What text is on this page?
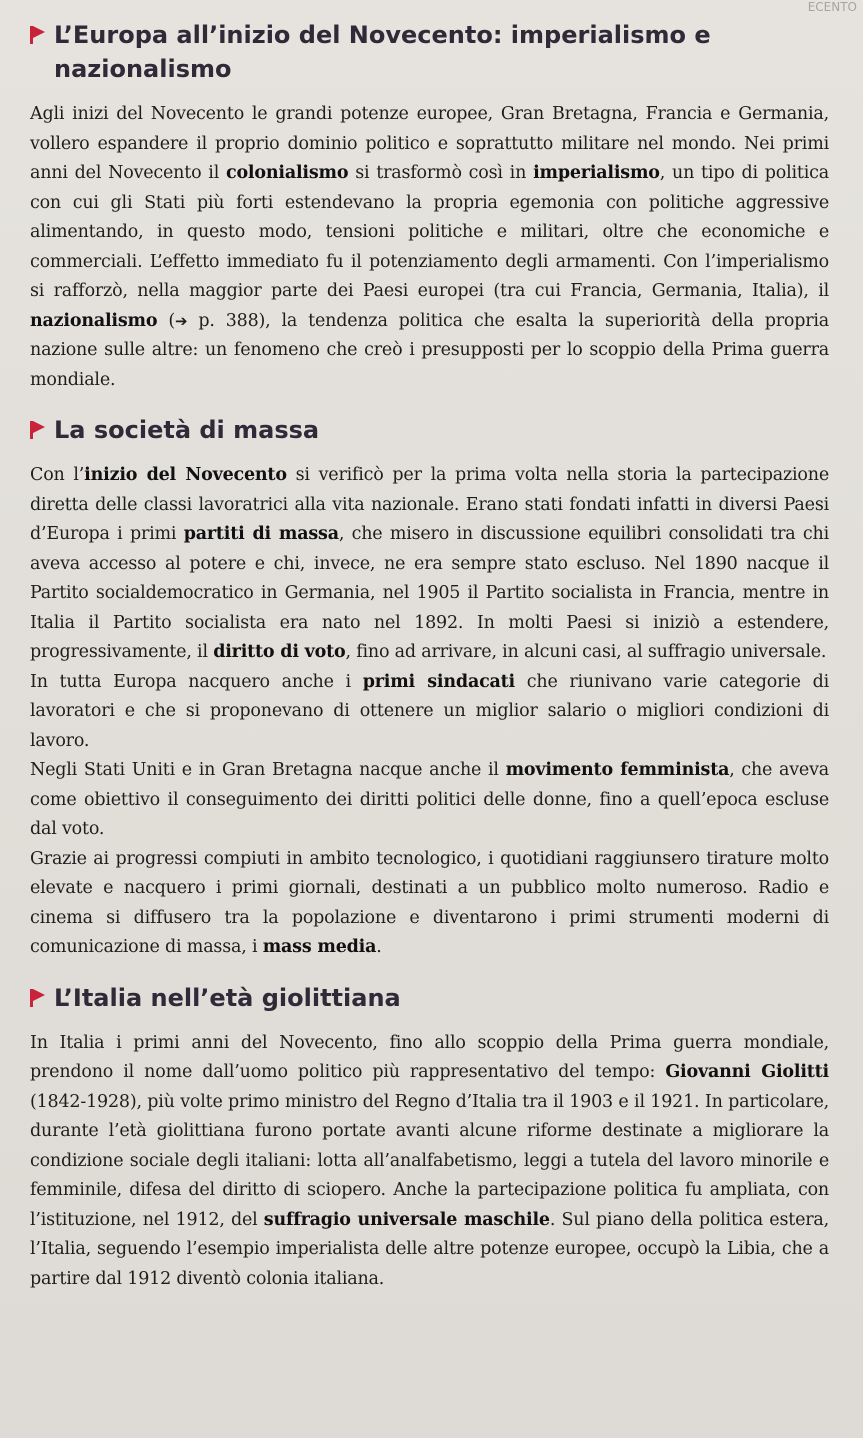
ECENTO
L’Europa all’inizio del Novecento: imperialismo e nazionalismo

Agli inizi del Novecento le grandi potenze europee, Gran Bretagna, Francia e Germania, vollero espandere il proprio dominio politico e soprattutto militare nel mondo. Nei primi anni del Novecento il colonialismo si trasformò così in imperialismo, un tipo di politica con cui gli Stati più forti estendevano la propria egemonia con politiche aggressive alimentando, in questo modo, tensioni politiche e militari, oltre che economiche e commerciali. L’effetto immediato fu il potenziamento degli armamenti. Con l’imperialismo si rafforzò, nella maggior parte dei Paesi europei (tra cui Francia, Germania, Italia), il nazionalismo (➔ p. 388), la tendenza politica che esalta la superiorità della propria nazione sulle altre: un fenomeno che creò i presupposti per lo scoppio della Prima guerra mondiale.

La società di massa

Con l’inizio del Novecento si verificò per la prima volta nella storia la partecipazione diretta delle classi lavoratrici alla vita nazionale. Erano stati fondati infatti in diversi Paesi d’Europa i primi partiti di massa, che misero in discussione equilibri consolidati tra chi aveva accesso al potere e chi, invece, ne era sempre stato escluso. Nel 1890 nacque il Partito socialdemocratico in Germania, nel 1905 il Partito socialista in Francia, mentre in Italia il Partito socialista era nato nel 1892. In molti Paesi si iniziò a estendere, progressivamente, il diritto di voto, fino ad arrivare, in alcuni casi, al suffragio universale.

In tutta Europa nacquero anche i primi sindacati che riunivano varie categorie di lavoratori e che si proponevano di ottenere un miglior salario o migliori condizioni di lavoro.

Negli Stati Uniti e in Gran Bretagna nacque anche il movimento femminista, che aveva come obiettivo il conseguimento dei diritti politici delle donne, fino a quell’epoca escluse dal voto.

Grazie ai progressi compiuti in ambito tecnologico, i quotidiani raggiunsero tirature molto elevate e nacquero i primi giornali, destinati a un pubblico molto numeroso. Radio e cinema si diffusero tra la popolazione e diventarono i primi strumenti moderni di comunicazione di massa, i mass media.

L’Italia nell’età giolittiana

In Italia i primi anni del Novecento, fino allo scoppio della Prima guerra mondiale, prendono il nome dall’uomo politico più rappresentativo del tempo: Giovanni Giolitti (1842-1928), più volte primo ministro del Regno d’Italia tra il 1903 e il 1921. In particolare, durante l’età giolittiana furono portate avanti alcune riforme destinate a migliorare la condizione sociale degli italiani: lotta all’analfabetismo, leggi a tutela del lavoro minorile e femminile, difesa del diritto di sciopero. Anche la partecipazione politica fu ampliata, con l’istituzione, nel 1912, del suffragio universale maschile. Sul piano della politica estera, l’Italia, seguendo l’esempio imperialista delle altre potenze europee, occupò la Libia, che a partire dal 1912 diventò colonia italiana.
